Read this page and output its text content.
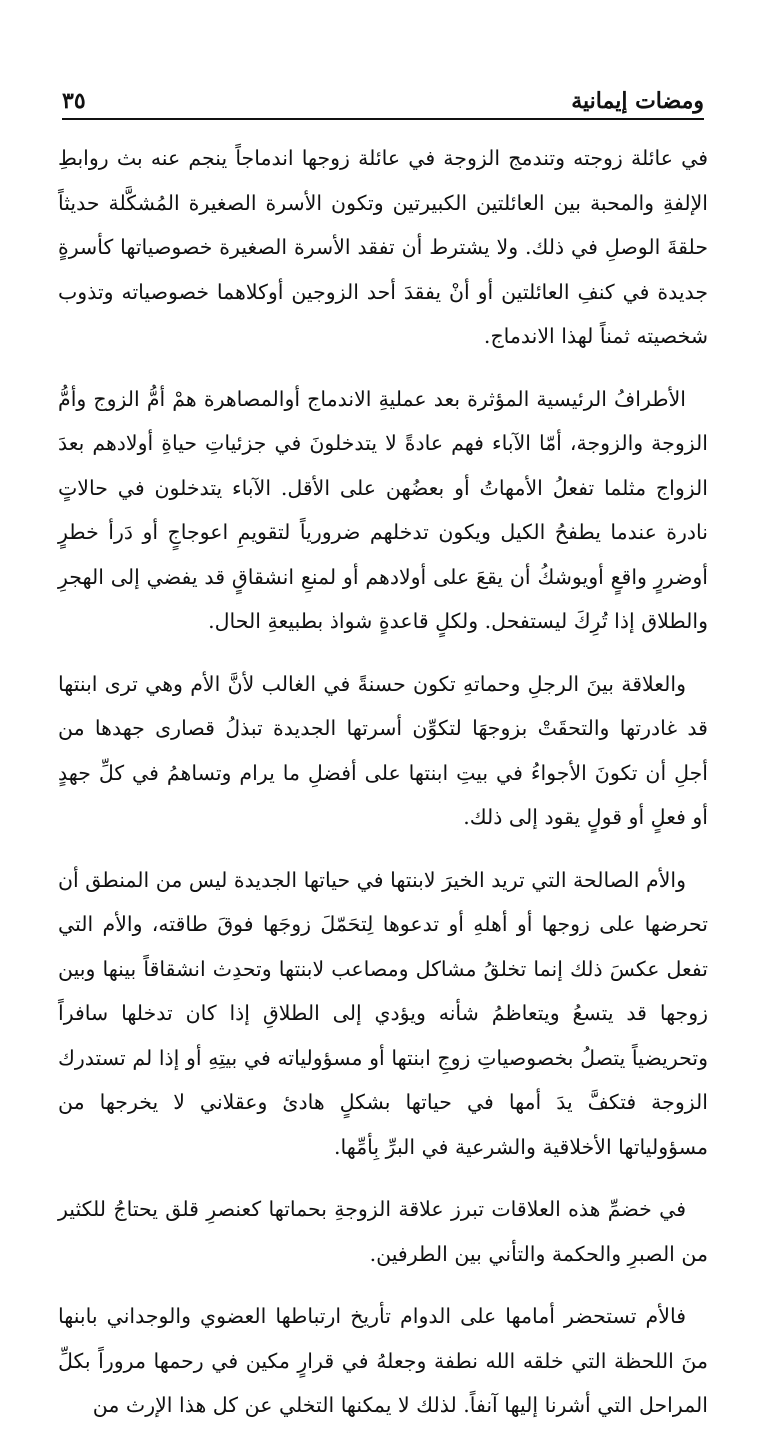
ومضات إيمانية
٣٥

في عائلة زوجته وتندمج الزوجة في عائلة زوجها اندماجاً ينجم عنه بث روابطِ الإلفةِ والمحبة بين العائلتين الكبيرتين وتكون الأسرة الصغيرة المُشكَّلة حديثاً حلقةَ الوصلِ في ذلك. ولا يشترط أن تفقد الأسرة الصغيرة خصوصياتها كأسرةٍ جديدة في كنفِ العائلتين أو أنْ يفقدَ أحد الزوجين أوكلاهما خصوصياته وتذوب شخصيته ثمناً لهذا الاندماج.

الأطرافُ الرئيسية المؤثرة بعد عمليةِ الاندماج أوالمصاهرة همْ أمُّ الزوج وأمُّ الزوجة والزوجة، أمّا الآباء فهم عادةً لا يتدخلونَ في جزئياتِ حياةِ أولادهم بعدَ الزواج مثلما تفعلُ الأمهاتُ أو بعضُهن على الأقل. الآباء يتدخلون في حالاتٍ نادرة عندما يطفحُ الكيل ويكون تدخلهم ضرورياً لتقويمِ اعوجاجٍ أو دَرأ خطرٍ أوضررٍ واقعٍ أويوشكُ أن يقعَ على أولادهم أو لمنعِ انشقاقٍ قد يفضي إلى الهجرِ والطلاق إذا تُرِكَ ليستفحل. ولكلٍ قاعدةٍ شواذ بطبيعةِ الحال.

والعلاقة بينَ الرجلِ وحماتهِ تكون حسنةً في الغالب لأنَّ الأم وهي ترى ابنتها قد غادرتها والتحقَتْ بزوجهَا لتكوِّن أسرتها الجديدة تبذلُ قصارى جهدها من أجلِ أن تكونَ الأجواءُ في بيتِ ابنتها على أفضلِ ما يرام وتساهمُ في كلِّ جهدٍ أو فعلٍ أو قولٍ يقود إلى ذلك.

والأم الصالحة التي تريد الخيرَ لابنتها في حياتها الجديدة ليس من المنطق أن تحرضها على زوجها أو أهلهِ أو تدعوها لِتحَمّلَ زوجَها فوقَ طاقته، والأم التي تفعل عكسَ ذلك إنما تخلقُ مشاكل ومصاعب لابنتها وتحدِث انشقاقاً بينها وبين زوجها قد يتسعُ ويتعاظمُ شأنه ويؤدي إلى الطلاقِ إذا كان تدخلها سافراً وتحريضياً يتصلُ بخصوصياتِ زوجِ ابنتها أو مسؤولياته في بيتِهِ أو إذا لم تستدرك الزوجة فتكفَّ يدَ أمها في حياتها بشكلٍ هادئ وعقلاني لا يخرجها من مسؤولياتها الأخلاقية والشرعية في البرِّ بِأمِّها.

في خضمِّ هذه العلاقات تبرز علاقة الزوجةِ بحماتها كعنصرِ قلق يحتاجُ للكثير من الصبرِ والحكمة والتأني بين الطرفين.

فالأم تستحضر أمامها على الدوام تأريخ ارتباطها العضوي والوجداني بابنها منَ اللحظة التي خلقه الله نطفة وجعلهُ في قرارٍ مكين في رحمها مروراً بكلِّ المراحل التي أشرنا إليها آنفاً. لذلك لا يمكنها التخلي عن كل هذا الإرث من
